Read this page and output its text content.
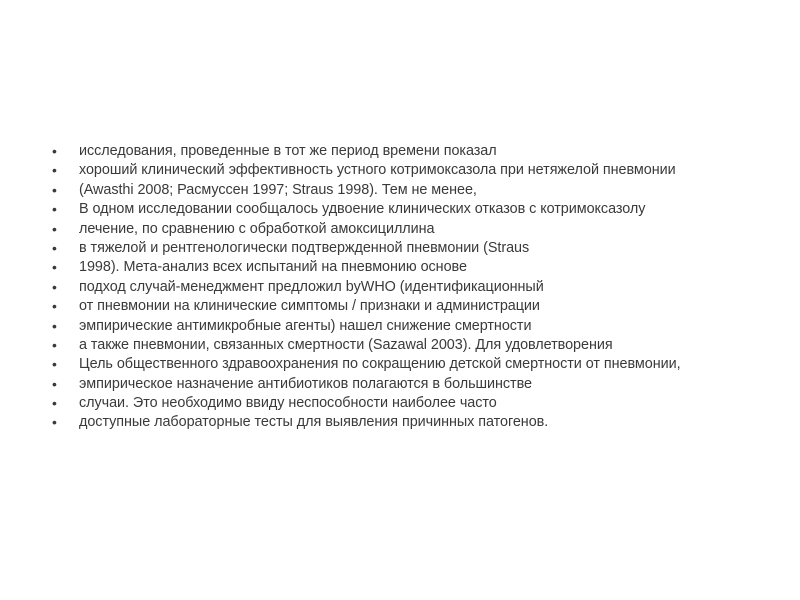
•	исследования, проведенные в тот же период времени показал
•	хороший клинический эффективность устного котримоксазола при нетяжелой пневмонии
•	(Awasthi 2008; Расмуссен 1997; Straus 1998). Тем не менее,
•	В одном исследовании сообщалось удвоение клинических отказов с котримоксазолу
•	лечение, по сравнению с обработкой амоксициллина
•	в тяжелой и рентгенологически подтвержденной пневмонии (Straus
•	1998). Мета-анализ всех испытаний на пневмонию основе
•	подход случай-менеджмент предложил byWHO (идентификационный
•	от пневмонии на клинические симптомы / признаки и администрации
•	эмпирические антимикробные агенты) нашел снижение смертности
•	а также пневмонии, связанных смертности (Sazawal 2003). Для удовлетворения
•	Цель общественного здравоохранения по сокращению детской смертности от пневмонии,
•	эмпирическое назначение антибиотиков полагаются в большинстве
•	случаи. Это необходимо ввиду неспособности наиболее часто
•	доступные лабораторные тесты для выявления причинных патогенов.
